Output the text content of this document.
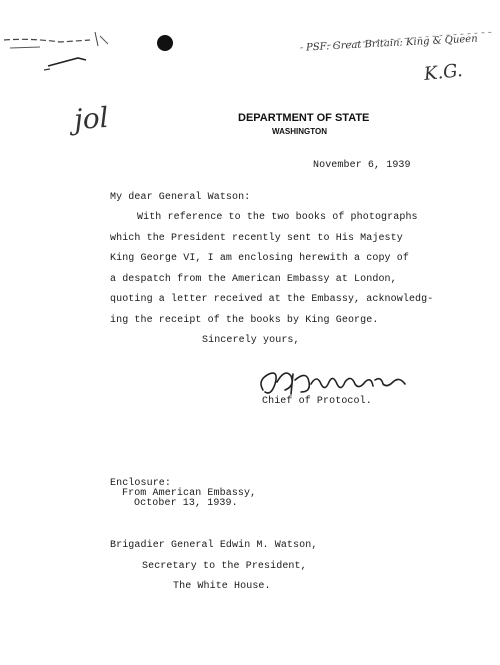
PSF: Great Britain: King & Queen
K.G.
jol	DEPARTMENT OF STATE
WASHINGTON
November 6, 1939
My dear General Watson:
With reference to the two books of photographs
which the President recently sent to His Majesty
King George VI, I am enclosing herewith a copy of
a despatch from the American Embassy at London,
quoting a letter received at the Embassy, acknowledg-
ing the receipt of the books by King George.
Sincerely yours,
Chief of Protocol.
Enclosure:
From American Embassy,
October 13, 1939.
Brigadier General Edwin M. Watson,
Secretary to the President,
The White House.
